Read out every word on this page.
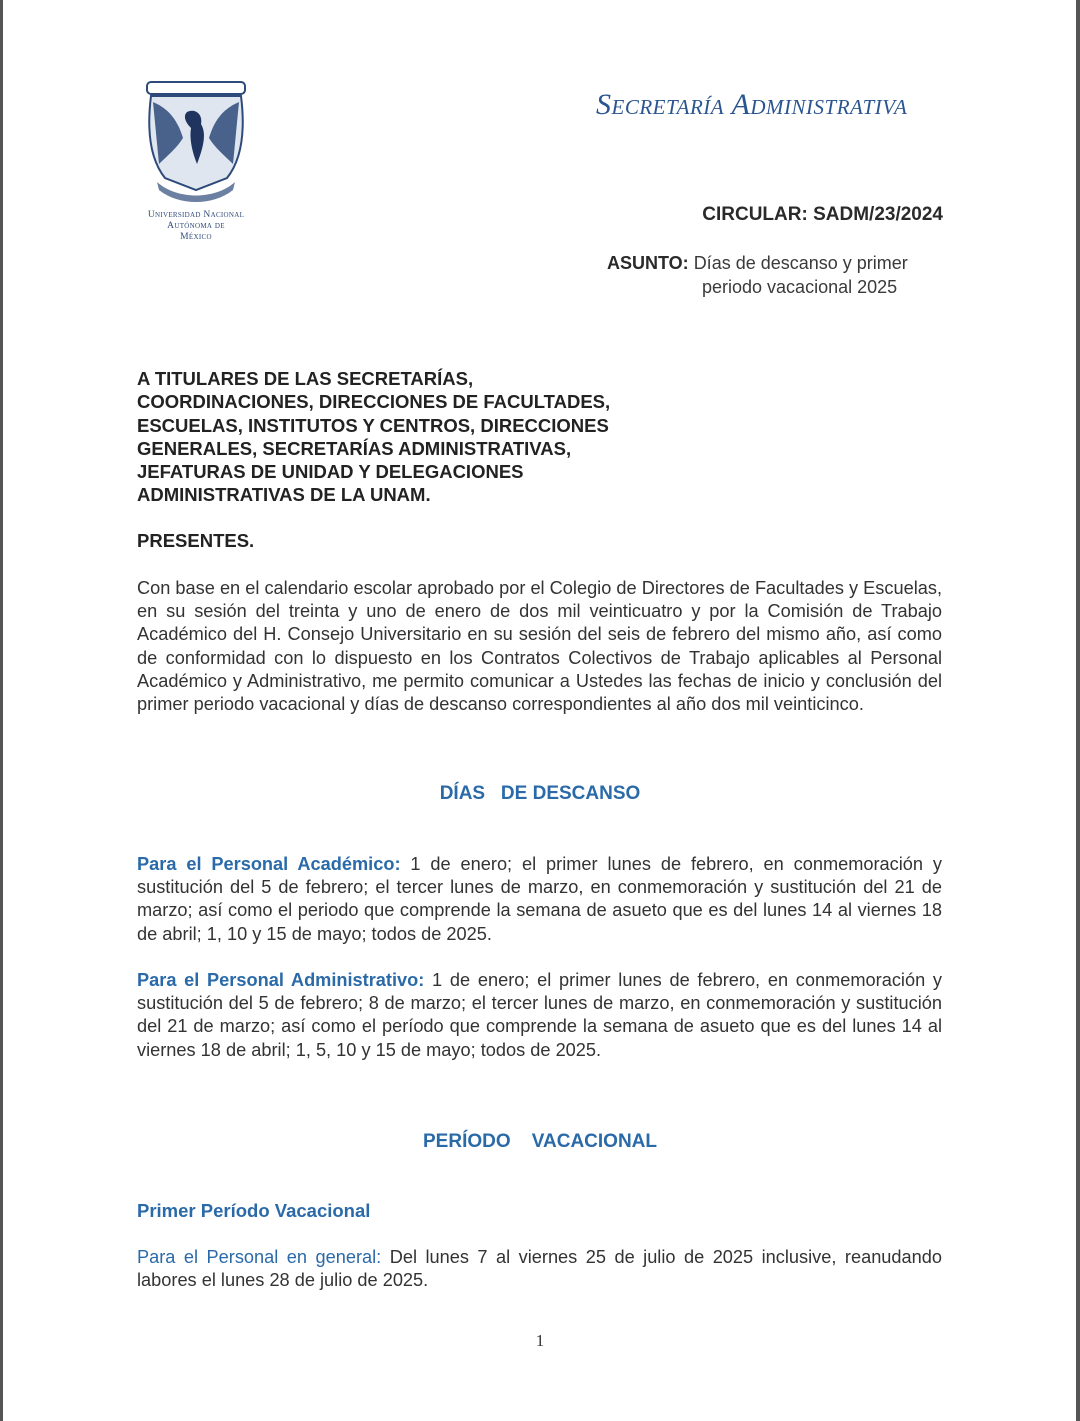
Universidad Nacional
Autónoma de
México
Secretaría Administrativa
CIRCULAR: SADM/23/2024
ASUNTO: Días de descanso y primer
periodo vacacional 2025
A TITULARES DE LAS SECRETARÍAS,
COORDINACIONES, DIRECCIONES DE FACULTADES,
ESCUELAS, INSTITUTOS Y CENTROS, DIRECCIONES
GENERALES, SECRETARÍAS ADMINISTRATIVAS,
JEFATURAS DE UNIDAD Y DELEGACIONES
ADMINISTRATIVAS DE LA UNAM.
PRESENTES.
Con base en el calendario escolar aprobado por el Colegio de Directores de Facultades y Escuelas, en su sesión del treinta y uno de enero de dos mil veinticuatro y por la Comisión de Trabajo Académico del H. Consejo Universitario en su sesión del seis de febrero del mismo año, así como de conformidad con lo dispuesto en los Contratos Colectivos de Trabajo aplicables al Personal Académico y Administrativo, me permito comunicar a Ustedes las fechas de inicio y conclusión del primer periodo vacacional y días de descanso correspondientes al año dos mil veinticinco.
DÍAS   DE DESCANSO
Para el Personal Académico: 1 de enero; el primer lunes de febrero, en conmemoración y sustitución del 5 de febrero; el tercer lunes de marzo, en conmemoración y sustitución del 21 de marzo; así como el periodo que comprende la semana de asueto que es del lunes 14 al viernes 18 de abril; 1, 10 y 15 de mayo; todos de 2025.
Para el Personal Administrativo: 1 de enero; el primer lunes de febrero, en conmemoración y sustitución del 5 de febrero; 8 de marzo; el tercer lunes de marzo, en conmemoración y sustitución del 21 de marzo; así como el período que comprende la semana de asueto que es del lunes 14 al viernes 18 de abril; 1, 5, 10 y 15 de mayo; todos de 2025.
PERÍODO    VACACIONAL
Primer Período Vacacional
Para el Personal en general: Del lunes 7 al viernes 25 de julio de 2025 inclusive, reanudando labores el lunes 28 de julio de 2025.
1
